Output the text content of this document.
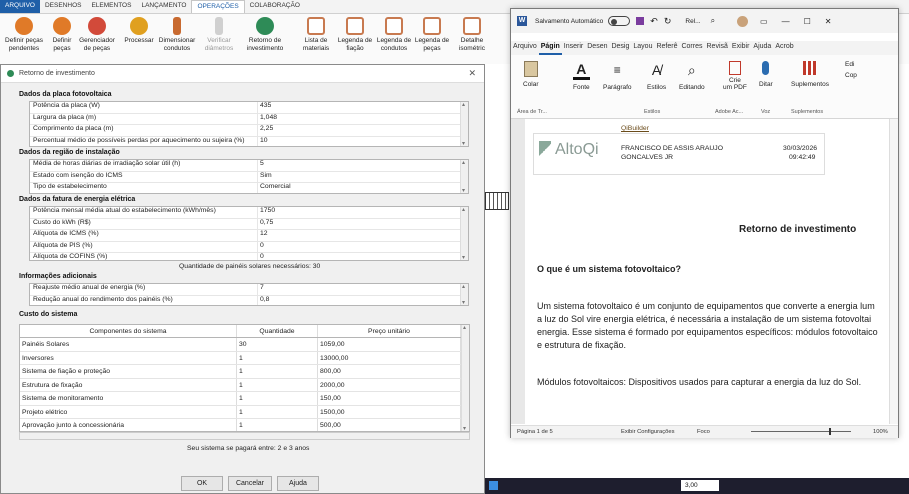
ARQUIVO	DESENHOS	ELEMENTOS	LANÇAMENTO	OPERAÇÕES	COLABORAÇÃO
Definir peças
pendentes
Definir
peças
Gerenciador
de peças
Processar Dimensionar
condutos
Verificar
diâmetros
Retorno de
investimento
Lista de
materiais
Legenda de
fiação
Legenda de
condutos
Legenda de
peças
Detalhe
isométric
Retorno de investimento	✕
Dados da placa fotovoltaica
Potência da placa (W)	435
Largura da placa (m)	1,048
Comprimento da placa (m)	2,25
Percentual médio de possíveis perdas por aquecimento ou sujeira (%)	10
▴ ▾
Dados da região de instalação
Média de horas diárias de irradiação solar útil (h)	5
Estado com isenção do ICMS	Sim
Tipo de estabelecimento	Comercial
▴ ▾
Dados da fatura de energia elétrica
Potência mensal média atual do estabelecimento (kWh/mês)	1750
Custo do kWh (R$)	0,75
Alíquota de ICMS (%)	12
Alíquota de PIS (%)	0
Alíquota de COFINS (%)	0
▴ ▾
Quantidade de painéis solares necessários: 30
Informações adicionais
Reajuste médio anual de energia (%)	7
Redução anual do rendimento dos painéis (%)	0,8
▴ ▾
Custo do sistema
Componentes do sistema	Quantidade	Preço unitário
Painéis Solares	30	1059,00
Inversores	1	13000,00
Sistema de fiação e proteção	1	800,00
Estrutura de fixação	1	2000,00
Sistema de monitoramento	1	150,00
Projeto elétrico	1	1500,00
Aprovação junto à concessionária	1	500,00
▴ ▾
Seu sistema se pagará entre: 2 e 3 anos
OK	Cancelar	Ajuda
W Salvamento Automático	↶ ↻ Rel... ⌕	▭ — ☐ ✕
Arquivo Págin Inserir Desen Desig Layou Referê Corres Revisã Exibir Ajuda Acrob
Colar
Área de Tr...
A
Fonte
≡
Parágrafo
A̸
Estilos
Estilos
⌕
Editando
Crie
um PDF
Adobe Ac...
Ditar
Voz
Suplementos
Suplementos
Edi
Cop
QiBuilder
AltoQi	FRANCISCO DE ASSIS ARAUJO
GONCALVES JR
30/03/2026
09:42:49
Retorno de investimento
O que é um sistema fotovoltaico?
Um sistema fotovoltaico é um conjunto de equipamentos que converte a energia lum
a luz do Sol vire energia elétrica, é necessária a instalação de um sistema fotovoltai
energia. Esse sistema é formado por equipamentos específicos: módulos fotovoltaico
e estrutura de fixação.
Módulos fotovoltaicos: Dispositivos usados para capturar a energia da luz do Sol.
Página 1 de 5	Exibir Configurações	Foco	100%
3,00
